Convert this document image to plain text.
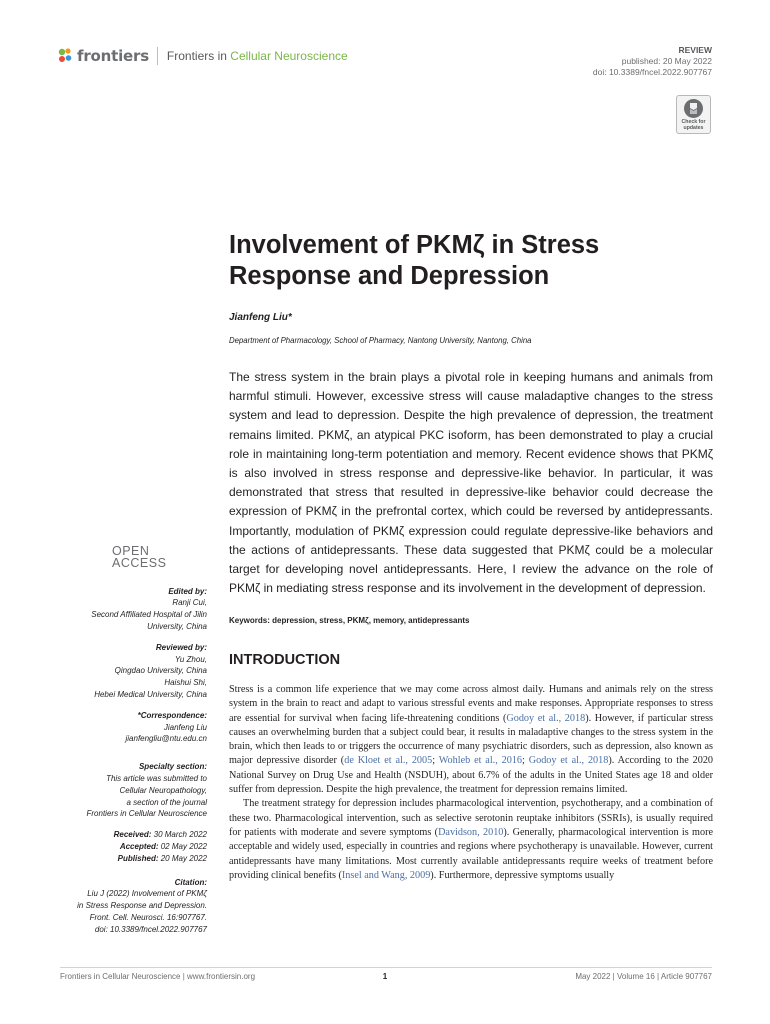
frontiers Frontiers in Cellular Neuroscience	REVIEW
published: 20 May 2022
doi: 10.3389/fncel.2022.907767
Check for
updates
Involvement of PKMζ in Stress Response and Depression
Jianfeng Liu*
Department of Pharmacology, School of Pharmacy, Nantong University, Nantong, China
The stress system in the brain plays a pivotal role in keeping humans and animals from harmful stimuli. However, excessive stress will cause maladaptive changes to the stress system and lead to depression. Despite the high prevalence of depression, the treatment remains limited. PKMζ, an atypical PKC isoform, has been demonstrated to play a crucial role in maintaining long-term potentiation and memory. Recent evidence shows that PKMζ is also involved in stress response and depressive-like behavior. In particular, it was demonstrated that stress that resulted in depressive-like behavior could decrease the expression of PKMζ in the prefrontal cortex, which could be reversed by antidepressants. Importantly, modulation of PKMζ expression could regulate depressive-like behaviors and the actions of antidepressants. These data suggested that PKMζ could be a molecular target for developing novel antidepressants. Here, I review the advance on the role of PKMζ in mediating stress response and its involvement in the development of depression.
Keywords: depression, stress, PKMζ, memory, antidepressants
OPEN ACCESS
Edited by:
Ranji Cui,
Second Affiliated Hospital of Jilin
University, China
Reviewed by:
Yu Zhou,
Qingdao University, China
Haishui Shi,
Hebei Medical University, China
*Correspondence:
Jianfeng Liu
jianfengliu@ntu.edu.cn
Specialty section:
This article was submitted to
Cellular Neuropathology,
a section of the journal
Frontiers in Cellular Neuroscience
Received: 30 March 2022
Accepted: 02 May 2022
Published: 20 May 2022
Citation:
Liu J (2022) Involvement of PKMζ
in Stress Response and Depression.
Front. Cell. Neurosci. 16:907767.
doi: 10.3389/fncel.2022.907767
INTRODUCTION

Stress is a common life experience that we may come across almost daily. Humans and animals rely on the stress system in the brain to react and adapt to various stressful events and make responses. Appropriate responses to stress are essential for survival when facing life-threatening conditions (Godoy et al., 2018). However, if particular stress causes an overwhelming burden that a subject could bear, it results in maladaptive changes to the stress system in the brain, which then leads to or triggers the occurrence of many psychiatric disorders, such as depression, also known as major depressive disorder (de Kloet et al., 2005; Wohleb et al., 2016; Godoy et al., 2018). According to the 2020 National Survey on Drug Use and Health (NSDUH), about 6.7% of the adults in the United States age 18 and older suffer from depression. Despite the high prevalence, the treatment for depression remains limited.

The treatment strategy for depression includes pharmacological intervention, psychotherapy, and a combination of these two. Pharmacological intervention, such as selective serotonin reuptake inhibitors (SSRIs), is usually required for patients with moderate and severe symptoms (Davidson, 2010). Generally, pharmacological intervention is more acceptable and widely used, especially in countries and regions where psychotherapy is unavailable. However, current antidepressants have many limitations. Most currently available antidepressants require weeks of treatment before providing clinical benefits (Insel and Wang, 2009). Furthermore, depressive symptoms usually

Frontiers in Cellular Neuroscience | www.frontiersin.org	1	May 2022 | Volume 16 | Article 907767
